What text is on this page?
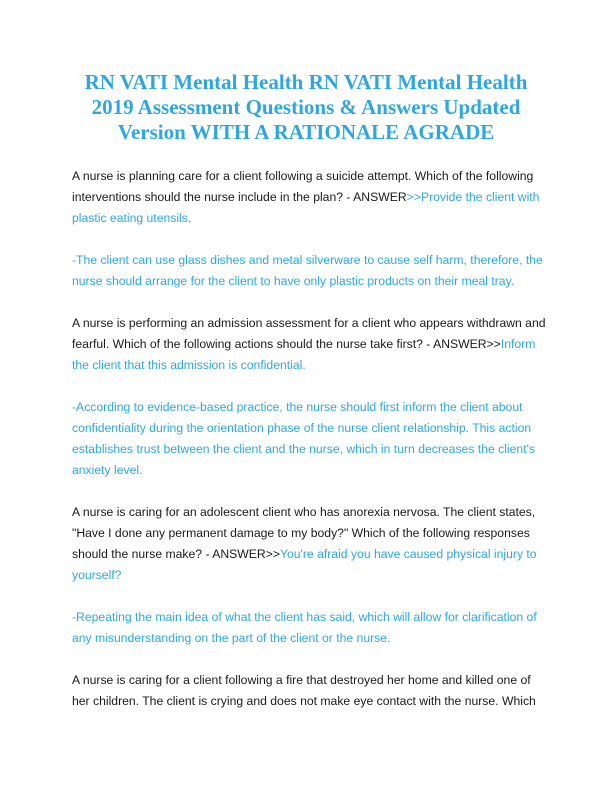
RN VATI Mental Health RN VATI Mental Health
2019 Assessment Questions & Answers Updated
Version WITH A RATIONALE AGRADE
A nurse is planning care for a client following a suicide attempt. Which of the following
interventions should the nurse include in the plan? - ANSWER>>Provide the client with
plastic eating utensils.
-The client can use glass dishes and metal silverware to cause self harm, therefore, the
nurse should arrange for the client to have only plastic products on their meal tray.
A nurse is performing an admission assessment for a client who appears withdrawn and
fearful. Which of the following actions should the nurse take first? - ANSWER>>Inform
the client that this admission is confidential.
-According to evidence-based practice, the nurse should first inform the client about
confidentiality during the orientation phase of the nurse client relationship. This action
establishes trust between the client and the nurse, which in turn decreases the client's
anxiety level.
A nurse is caring for an adolescent client who has anorexia nervosa. The client states,
"Have I done any permanent damage to my body?" Which of the following responses
should the nurse make? - ANSWER>>You're afraid you have caused physical injury to
yourself?
-Repeating the main idea of what the client has said, which will allow for clarification of
any misunderstanding on the part of the client or the nurse.
A nurse is caring for a client following a fire that destroyed her home and killed one of
her children. The client is crying and does not make eye contact with the nurse. Which
